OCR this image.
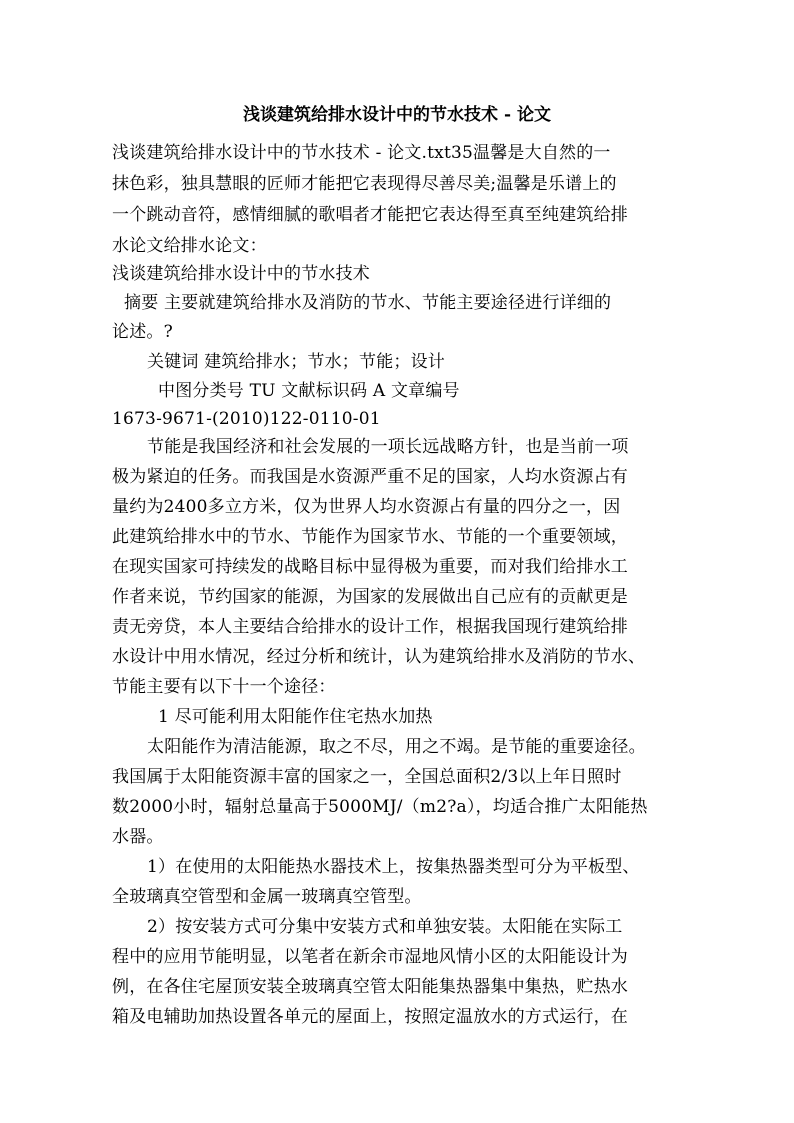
浅谈建筑给排水设计中的节水技术 - 论文
浅谈建筑给排水设计中的节水技术 - 论文.txt35温馨是大自然的一
抹色彩，独具慧眼的匠师才能把它表现得尽善尽美;温馨是乐谱上的
一个跳动音符，感情细腻的歌唱者才能把它表达得至真至纯建筑给排
水论文给排水论文：
浅谈建筑给排水设计中的节水技术
摘要 主要就建筑给排水及消防的节水、节能主要途径进行详细的
论述。?
关键词 建筑给排水；节水；节能；设计
中图分类号 TU 文献标识码 A 文章编号
1673-9671-(2010)122-0110-01
节能是我国经济和社会发展的一项长远战略方针，也是当前一项
极为紧迫的任务。而我国是水资源严重不足的国家，人均水资源占有
量约为2400多立方米，仅为世界人均水资源占有量的四分之一，因
此建筑给排水中的节水、节能作为国家节水、节能的一个重要领域，
在现实国家可持续发的战略目标中显得极为重要，而对我们给排水工
作者来说，节约国家的能源，为国家的发展做出自己应有的贡献更是
责无旁贷，本人主要结合给排水的设计工作，根据我国现行建筑给排
水设计中用水情况，经过分析和统计，认为建筑给排水及消防的节水、
节能主要有以下十一个途径：
1 尽可能利用太阳能作住宅热水加热
太阳能作为清洁能源，取之不尽，用之不竭。是节能的重要途径。
我国属于太阳能资源丰富的国家之一，全国总面积2/3以上年日照时
数2000小时，辐射总量高于5000MJ/（m2?a），均适合推广太阳能热
水器。
1）在使用的太阳能热水器技术上，按集热器类型可分为平板型、
全玻璃真空管型和金属一玻璃真空管型。
2）按安装方式可分集中安装方式和单独安装。太阳能在实际工
程中的应用节能明显，以笔者在新余市湿地风情小区的太阳能设计为
例，在各住宅屋顶安装全玻璃真空管太阳能集热器集中集热，贮热水
箱及电辅助加热设置各单元的屋面上，按照定温放水的方式运行，在
